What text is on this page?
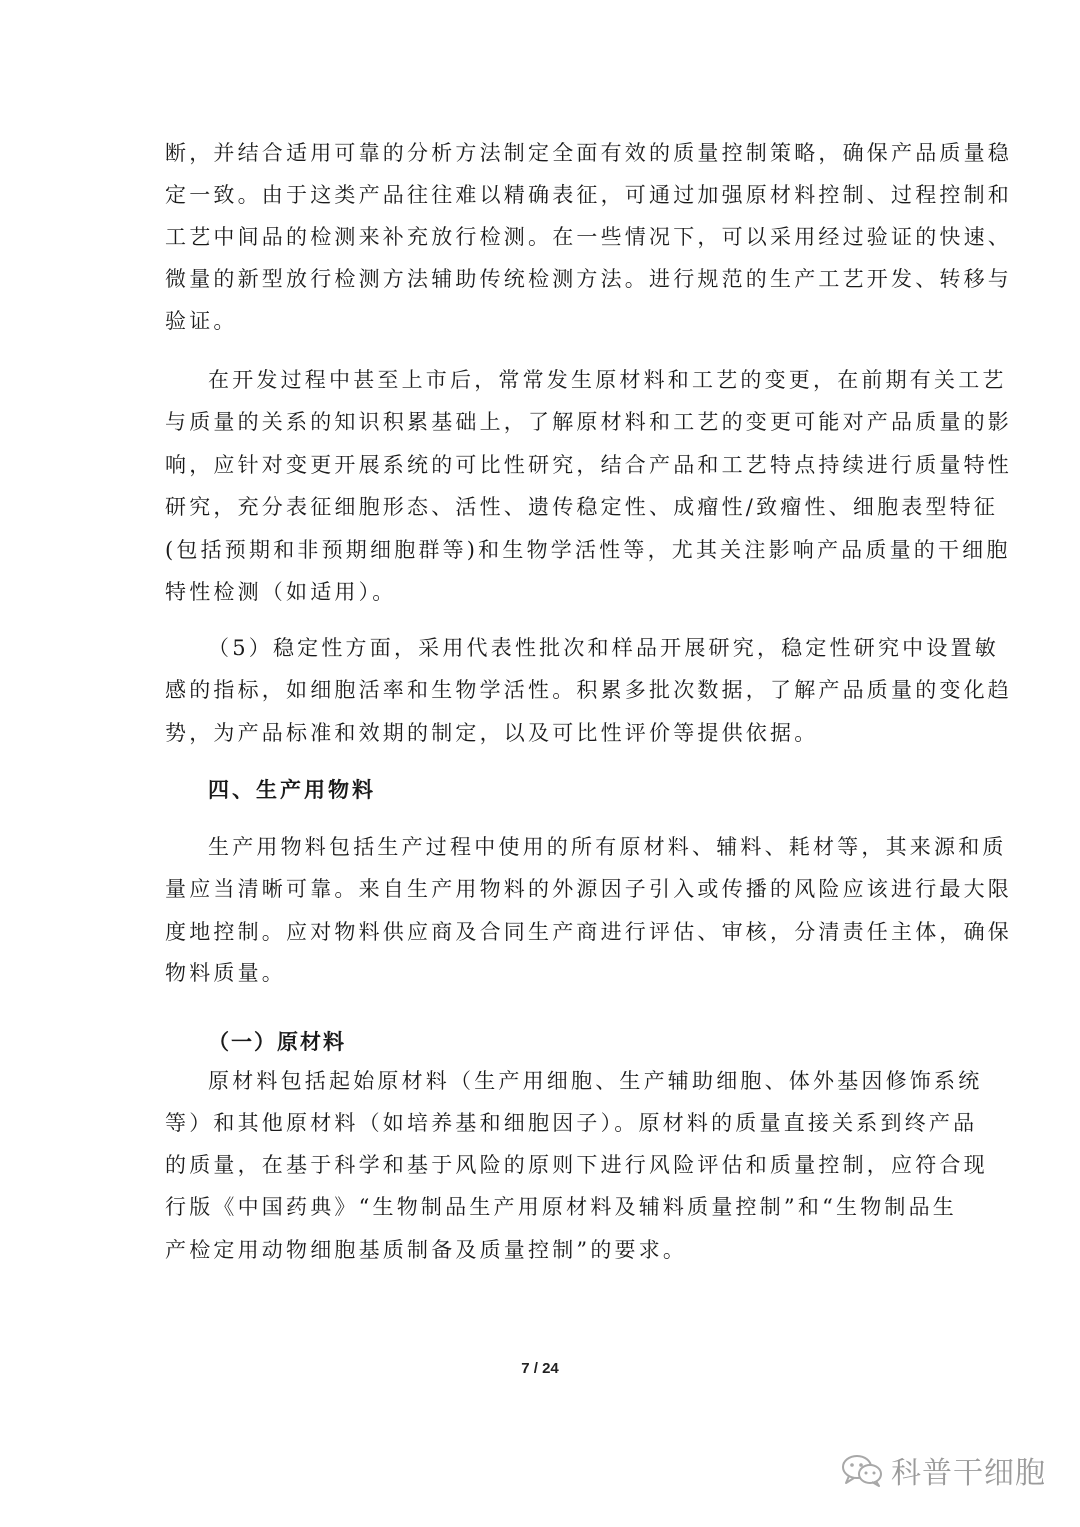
断，并结合适用可靠的分析方法制定全面有效的质量控制策略，确保产品质量稳
定一致。由于这类产品往往难以精确表征，可通过加强原材料控制、过程控制和
工艺中间品的检测来补充放行检测。在一些情况下，可以采用经过验证的快速、
微量的新型放行检测方法辅助传统检测方法。进行规范的生产工艺开发、转移与
验证。
在开发过程中甚至上市后，常常发生原材料和工艺的变更，在前期有关工艺
与质量的关系的知识积累基础上，了解原材料和工艺的变更可能对产品质量的影
响，应针对变更开展系统的可比性研究，结合产品和工艺特点持续进行质量特性
研究，充分表征细胞形态、活性、遗传稳定性、成瘤性/致瘤性、细胞表型特征
(包括预期和非预期细胞群等)和生物学活性等，尤其关注影响产品质量的干细胞
特性检测（如适用）。
（5）稳定性方面，采用代表性批次和样品开展研究，稳定性研究中设置敏
感的指标，如细胞活率和生物学活性。积累多批次数据，了解产品质量的变化趋
势，为产品标准和效期的制定，以及可比性评价等提供依据。
四、生产用物料
生产用物料包括生产过程中使用的所有原材料、辅料、耗材等，其来源和质
量应当清晰可靠。来自生产用物料的外源因子引入或传播的风险应该进行最大限
度地控制。应对物料供应商及合同生产商进行评估、审核，分清责任主体，确保
物料质量。
（一）原材料
原材料包括起始原材料（生产用细胞、生产辅助细胞、体外基因修饰系统
等）和其他原材料（如培养基和细胞因子）。原材料的质量直接关系到终产品
的质量，在基于科学和基于风险的原则下进行风险评估和质量控制，应符合现
行版《中国药典》“生物制品生产用原材料及辅料质量控制”和“生物制品生
产检定用动物细胞基质制备及质量控制”的要求。
7 / 24
科普干细胞
